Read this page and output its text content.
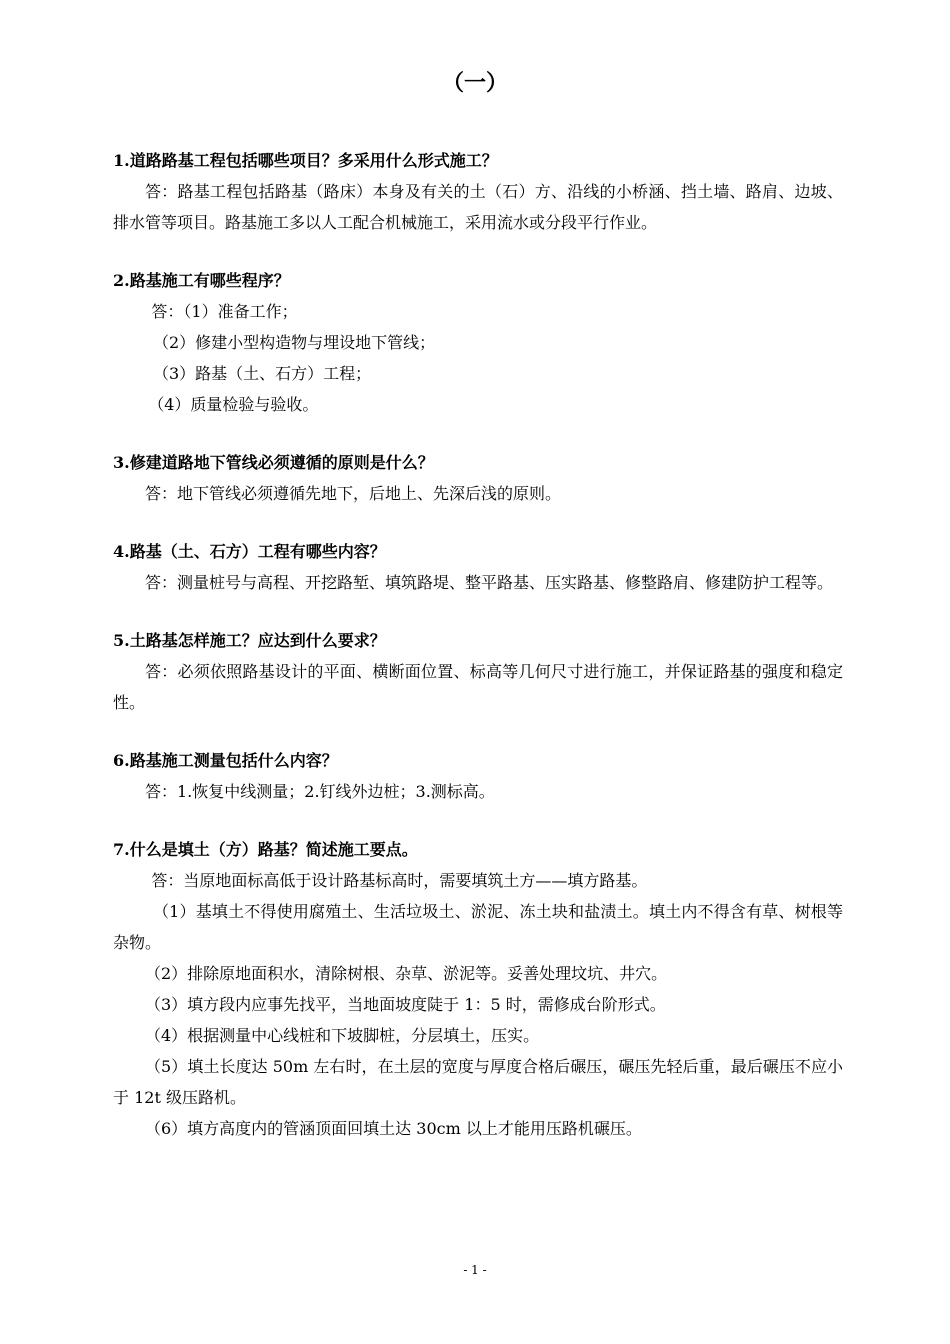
（一）

1.道路路基工程包括哪些项目？多采用什么形式施工？

答：路基工程包括路基（路床）本身及有关的土（石）方、沿线的小桥涵、挡土墙、路肩、边坡、排水管等项目。路基施工多以人工配合机械施工，采用流水或分段平行作业。

2.路基施工有哪些程序？

答：（1）准备工作；

（2）修建小型构造物与埋设地下管线；

（3）路基（土、石方）工程；

（4）质量检验与验收。

3.修建道路地下管线必须遵循的原则是什么？

答：地下管线必须遵循先地下，后地上、先深后浅的原则。

4.路基（土、石方）工程有哪些内容？

答：测量桩号与高程、开挖路堑、填筑路堤、整平路基、压实路基、修整路肩、修建防护工程等。

5.土路基怎样施工？应达到什么要求？

答：必须依照路基设计的平面、横断面位置、标高等几何尺寸进行施工，并保证路基的强度和稳定性。

6.路基施工测量包括什么内容？

答：1.恢复中线测量；2.钉线外边桩；3.测标高。

7.什么是填土（方）路基？简述施工要点。

答：当原地面标高低于设计路基标高时，需要填筑土方——填方路基。

（1）基填土不得使用腐殖土、生活垃圾土、淤泥、冻土块和盐渍土。填土内不得含有草、树根等杂物。

（2）排除原地面积水，清除树根、杂草、淤泥等。妥善处理坟坑、井穴。

（3）填方段内应事先找平，当地面坡度陡于 1：5 时，需修成台阶形式。

（4）根据测量中心线桩和下坡脚桩，分层填土，压实。

（5）填土长度达 50m 左右时，在土层的宽度与厚度合格后碾压，碾压先轻后重，最后碾压不应小于 12t 级压路机。

（6）填方高度内的管涵顶面回填土达 30cm 以上才能用压路机碾压。

- 1 -
